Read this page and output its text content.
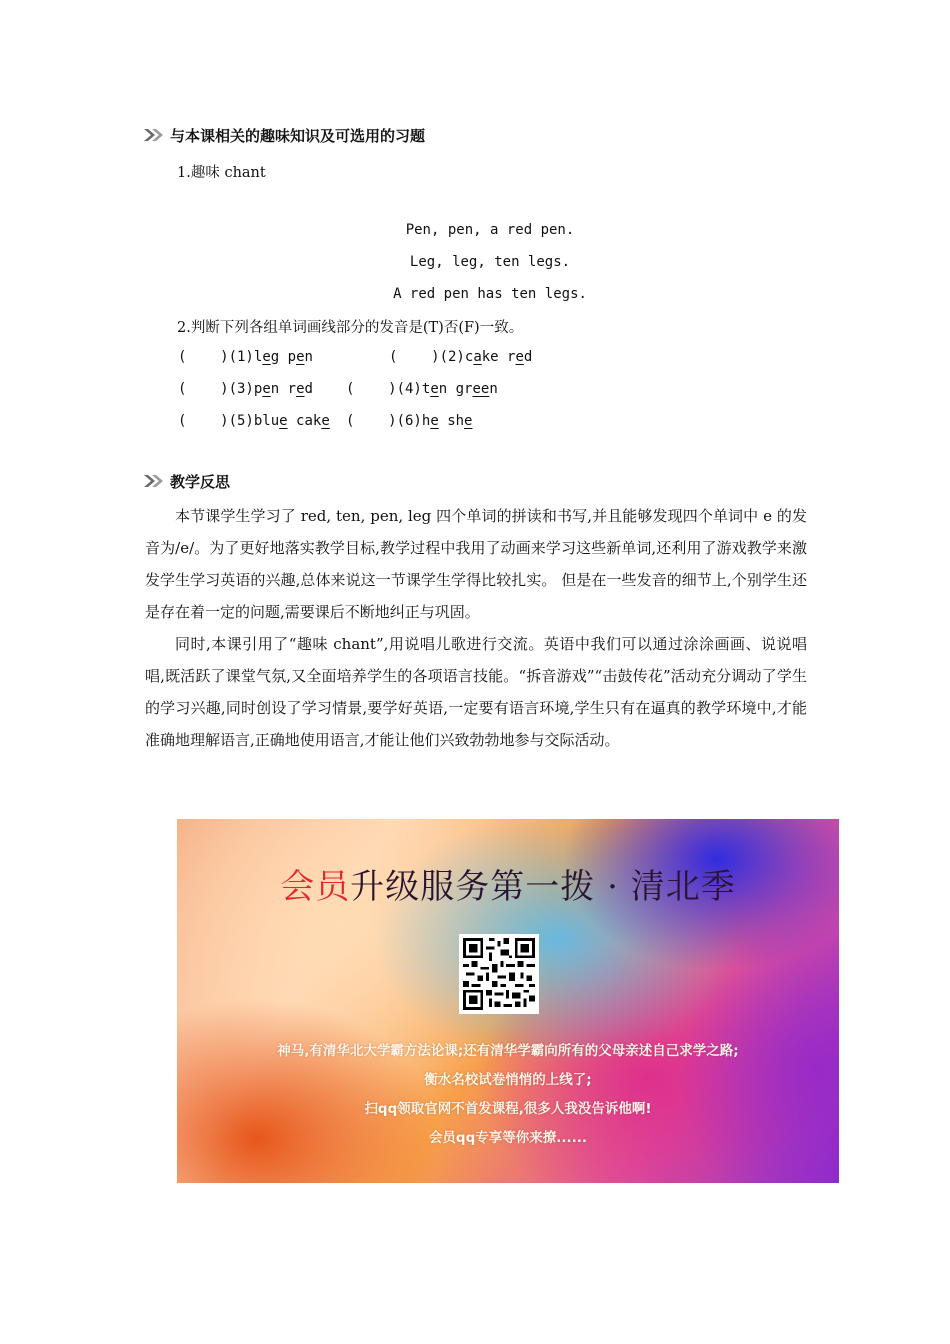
与本课相关的趣味知识及可选用的习题
1.趣味 chant
Pen, pen, a red pen.
Leg, leg, ten legs.
A red pen has ten legs.
2.判断下列各组单词画线部分的发音是(T)否(F)一致。
(    )(1)leg pen	(    )(2)cake red
(    )(3)pen red (    )(4)ten green
(    )(5)blue cake (    )(6)he she
教学反思

本节课学生学习了 red, ten, pen, leg 四个单词的拼读和书写,并且能够发现四个单词中 e 的发音为/e/。为了更好地落实教学目标,教学过程中我用了动画来学习这些新单词,还利用了游戏教学来激发学生学习英语的兴趣,总体来说这一节课学生学得比较扎实。 但是在一些发音的细节上,个别学生还是存在着一定的问题,需要课后不断地纠正与巩固。

同时,本课引用了“趣味 chant”,用说唱儿歌进行交流。英语中我们可以通过涂涂画画、说说唱唱,既活跃了课堂气氛,又全面培养学生的各项语言技能。“拆音游戏”“击鼓传花”活动充分调动了学生的学习兴趣,同时创设了学习情景,要学好英语,一定要有语言环境,学生只有在逼真的教学环境中,才能准确地理解语言,正确地使用语言,才能让他们兴致勃勃地参与交际活动。

会员升级服务第一拨 · 清北季
神马,有清华北大学霸方法论课;还有清华学霸向所有的父母亲述自己求学之路;
衡水名校试卷悄悄的上线了;
扫qq领取官网不首发课程,很多人我没告诉他啊!
会员qq专享等你来撩......
